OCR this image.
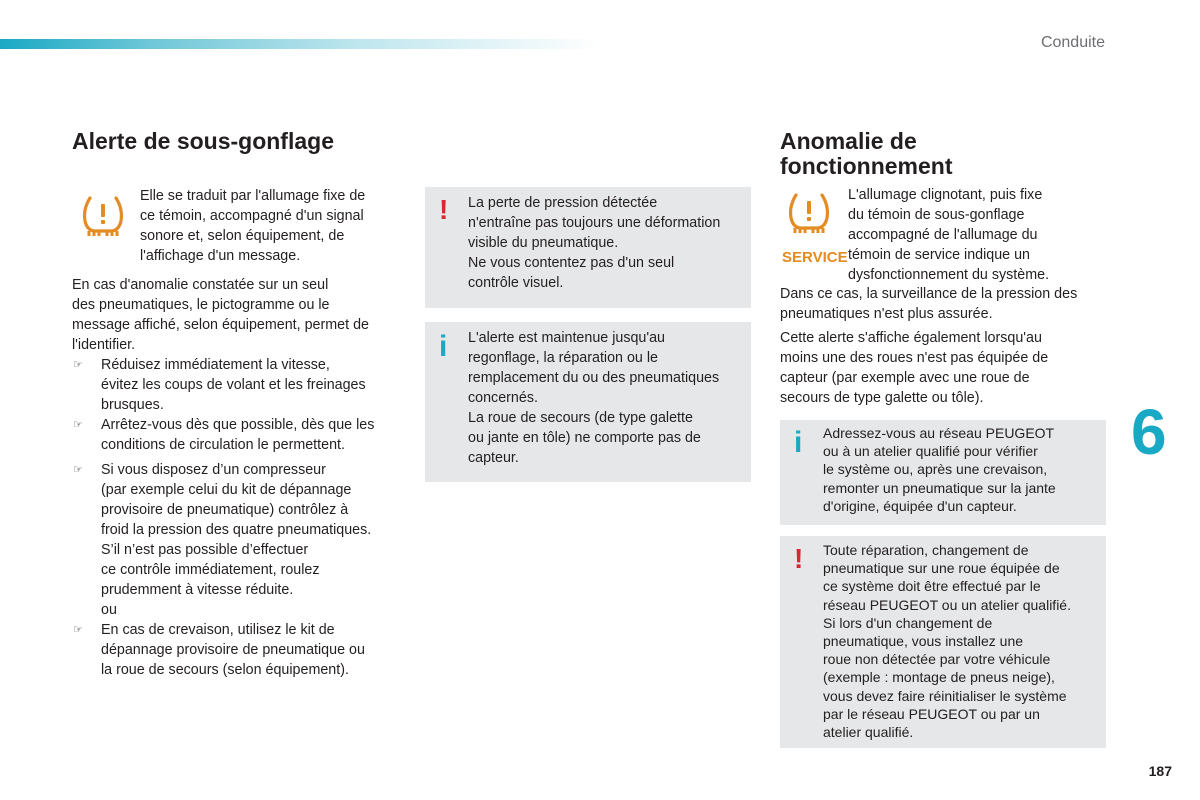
Conduite
187
6
Alerte de sous-gonflage
Elle se traduit par l'allumage fixe de
ce témoin, accompagné d'un signal
sonore et, selon équipement, de
l'affichage d'un message.
En cas d'anomalie constatée sur un seul
des pneumatiques, le pictogramme ou le
message affiché, selon équipement, permet de
l'identifier.
☞ Réduisez immédiatement la vitesse,
évitez les coups de volant et les freinages
brusques.
☞ Arrêtez-vous dès que possible, dès que les
conditions de circulation le permettent.
☞ Si vous disposez d’un compresseur
(par exemple celui du kit de dépannage
provisoire de pneumatique) contrôlez à
froid la pression des quatre pneumatiques.
S’il n’est pas possible d’effectuer
ce contrôle immédiatement, roulez
prudemment à vitesse réduite.
ou
☞ En cas de crevaison, utilisez le kit de
dépannage provisoire de pneumatique ou
la roue de secours (selon équipement).
! La perte de pression détectée
n'entraîne pas toujours une déformation
visible du pneumatique.
Ne vous contentez pas d'un seul
contrôle visuel.
i L'alerte est maintenue jusqu'au
regonflage, la réparation ou le
remplacement du ou des pneumatiques
concernés.
La roue de secours (de type galette
ou jante en tôle) ne comporte pas de
capteur.
Anomalie de
fonctionnement
SERVICE
L'allumage clignotant, puis fixe
du témoin de sous-gonflage
accompagné de l'allumage du
témoin de service indique un
dysfonctionnement du système.
Dans ce cas, la surveillance de la pression des
pneumatiques n'est plus assurée.
Cette alerte s'affiche également lorsqu'au
moins une des roues n'est pas équipée de
capteur (par exemple avec une roue de
secours de type galette ou tôle).
i Adressez-vous au réseau PEUGEOT
ou à un atelier qualifié pour vérifier
le système ou, après une crevaison,
remonter un pneumatique sur la jante
d'origine, équipée d'un capteur.
! Toute réparation, changement de
pneumatique sur une roue équipée de
ce système doit être effectué par le
réseau PEUGEOT ou un atelier qualifié.
Si lors d'un changement de
pneumatique, vous installez une
roue non détectée par votre véhicule
(exemple : montage de pneus neige),
vous devez faire réinitialiser le système
par le réseau PEUGEOT ou par un
atelier qualifié.
